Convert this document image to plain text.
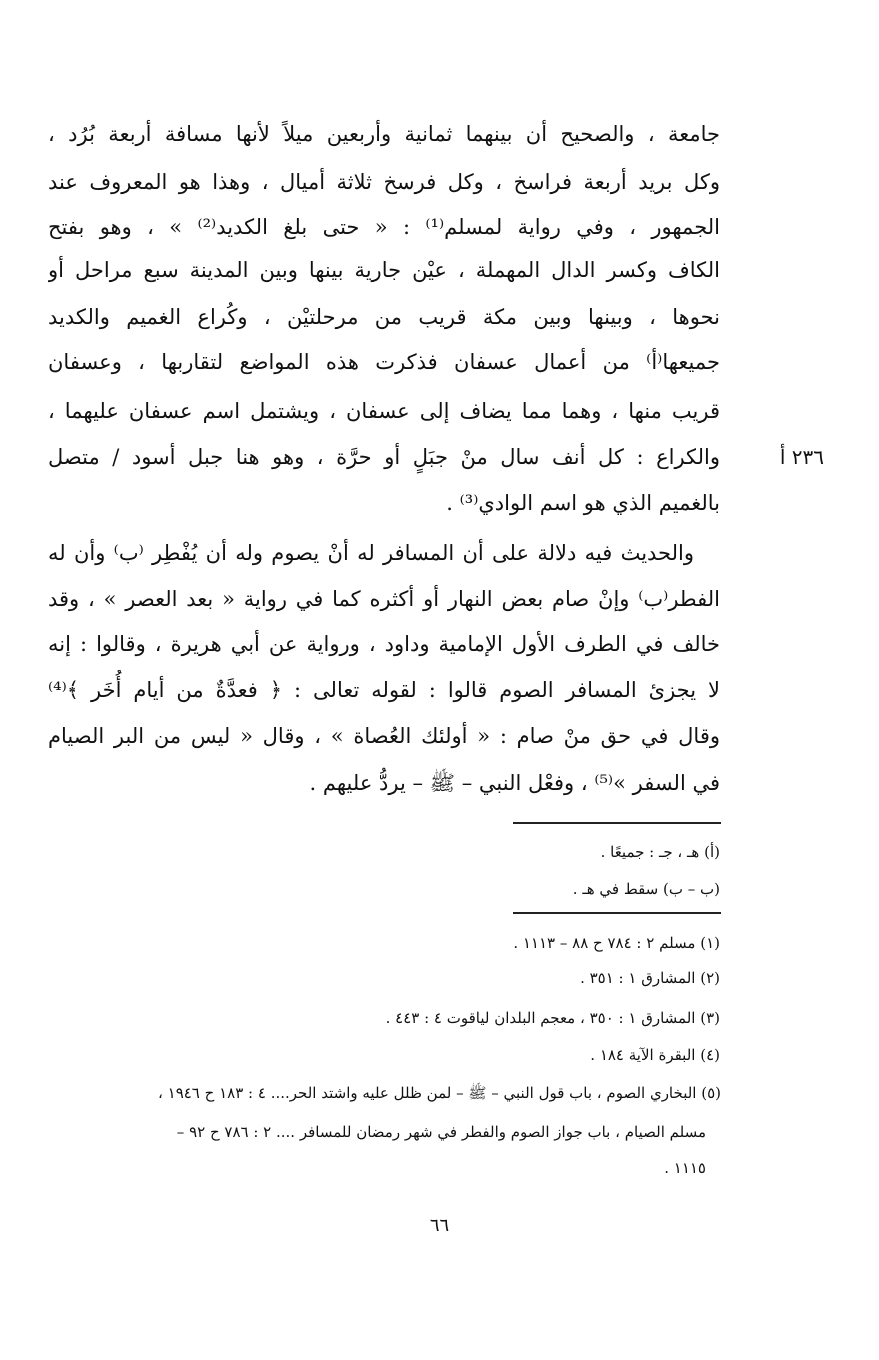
جامعة ، والصحيح أن بينهما ثمانية وأربعين ميلاً لأنها مسافة أربعة بُرُد ،
وكل بريد أربعة فراسخ ، وكل فرسخ ثلاثة أميال ، وهذا هو المعروف عند
الجمهور ، وفي رواية لمسلم⁽¹⁾ : « حتى بلغ الكديد⁽²⁾ » ، وهو بفتح
الكاف وكسر الدال المهملة ، عيْن جارية بينها وبين المدينة سبع مراحل أو
نحوها ، وبينها وبين مكة قريب من مرحلتيْن ، وكُراع الغميم والكديد
جميعها⁽أ⁾ من أعمال عسفان فذكرت هذه المواضع لتقاربها ، وعسفان
قريب منها ، وهما مما يضاف إلى عسفان ، ويشتمل اسم عسفان عليهما ،
والكراع : كل أنف سال منْ جبَلٍ أو حرَّة ، وهو هنا جبل أسود / متصل
بالغميم الذي هو اسم الوادي⁽³⁾ .
والحديث فيه دلالة على أن المسافر له أنْ يصوم وله أن يُفْطِر ⁽ب⁾ وأن له
الفطر⁽ب⁾ وإنْ صام بعض النهار أو أكثره كما في رواية « بعد العصر » ، وقد
خالف في الطرف الأول الإمامية وداود ، ورواية عن أبي هريرة ، وقالوا : إنه
لا يجزئ المسافر الصوم قالوا : لقوله تعالى : ﴿ فعدَّةٌ من أيام أُخَر ﴾⁽⁴⁾
وقال في حق منْ صام : « أولئك العُصاة » ، وقال « ليس من البر الصيام
في السفر »⁽⁵⁾ ، وفعْل النبي – ﷺ – يردُّ عليهم .
٢٣٦ أ
(أ) هـ ، جـ : جميعًا .
(ب – ب) سقط في هـ .
(١) مسلم ٢ : ٧٨٤ ح ٨٨ – ١١١٣ .
(٢) المشارق ١ : ٣٥١ .
(٣) المشارق ١ : ٣٥٠ ، معجم البلدان لياقوت ٤ : ٤٤٣ .
(٤) البقرة الآية ١٨٤ .
(٥) البخاري الصوم ، باب قول النبي – ﷺ – لمن ظلل عليه واشتد الحر.... ٤ : ١٨٣ ح ١٩٤٦ ،
مسلم الصيام ، باب جواز الصوم والفطر في شهر رمضان للمسافر .... ٢ : ٧٨٦ ح ٩٢ –
١١١٥ .
٦٦
